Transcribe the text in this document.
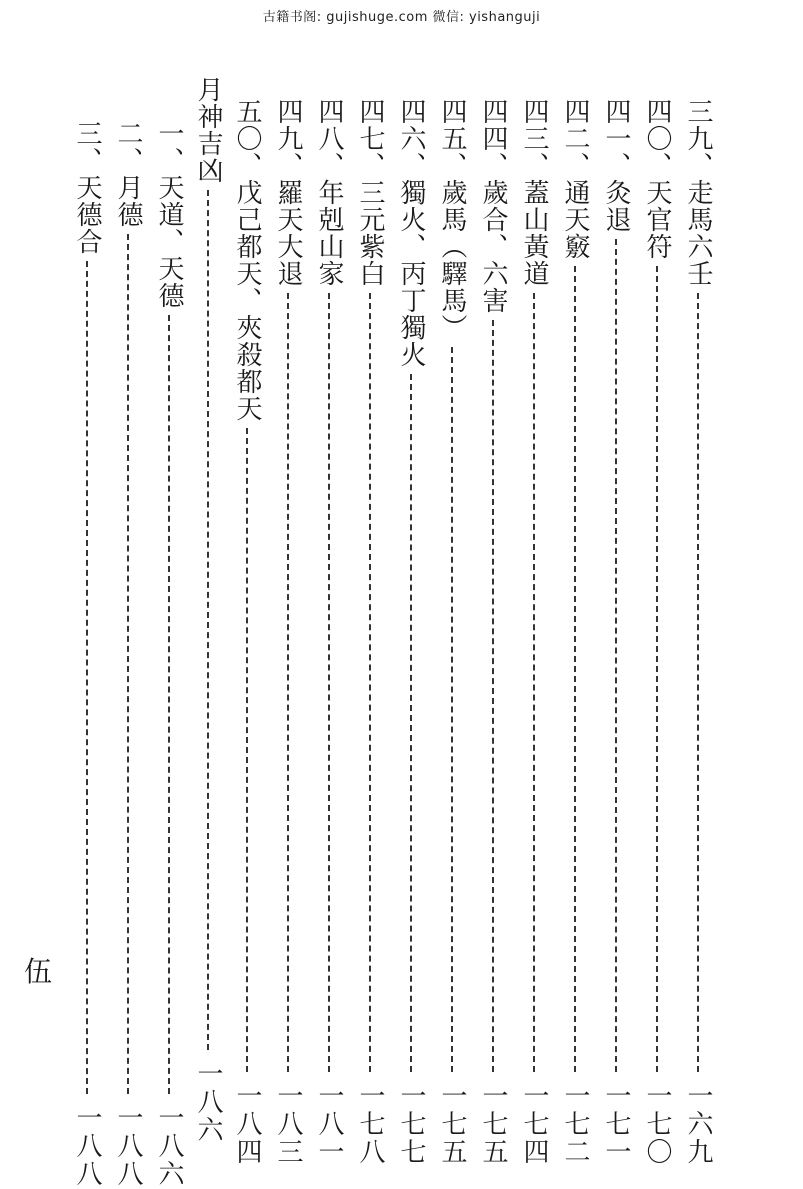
古籍书阁: gujishuge.com 微信: yishanguji
三九、走馬六壬
一六九
四〇、天官符
一七〇
四一、灸退
一七一
四二、通天竅
一七二
四三、蓋山黃道
一七四
四四、歲合、六害
一七五
四五、歲馬︵驛馬︶
一七五
四六、獨火、丙丁獨火
一七七
四七、三元紫白
一七八
四八、年剋山家
一八一
四九、羅天大退
一八三
五〇、戊己都天、夾殺都天
一八四
月神吉凶
一八六
一、天道、天德
一八六
二、月德
一八八
三、天德合
一八八
伍
